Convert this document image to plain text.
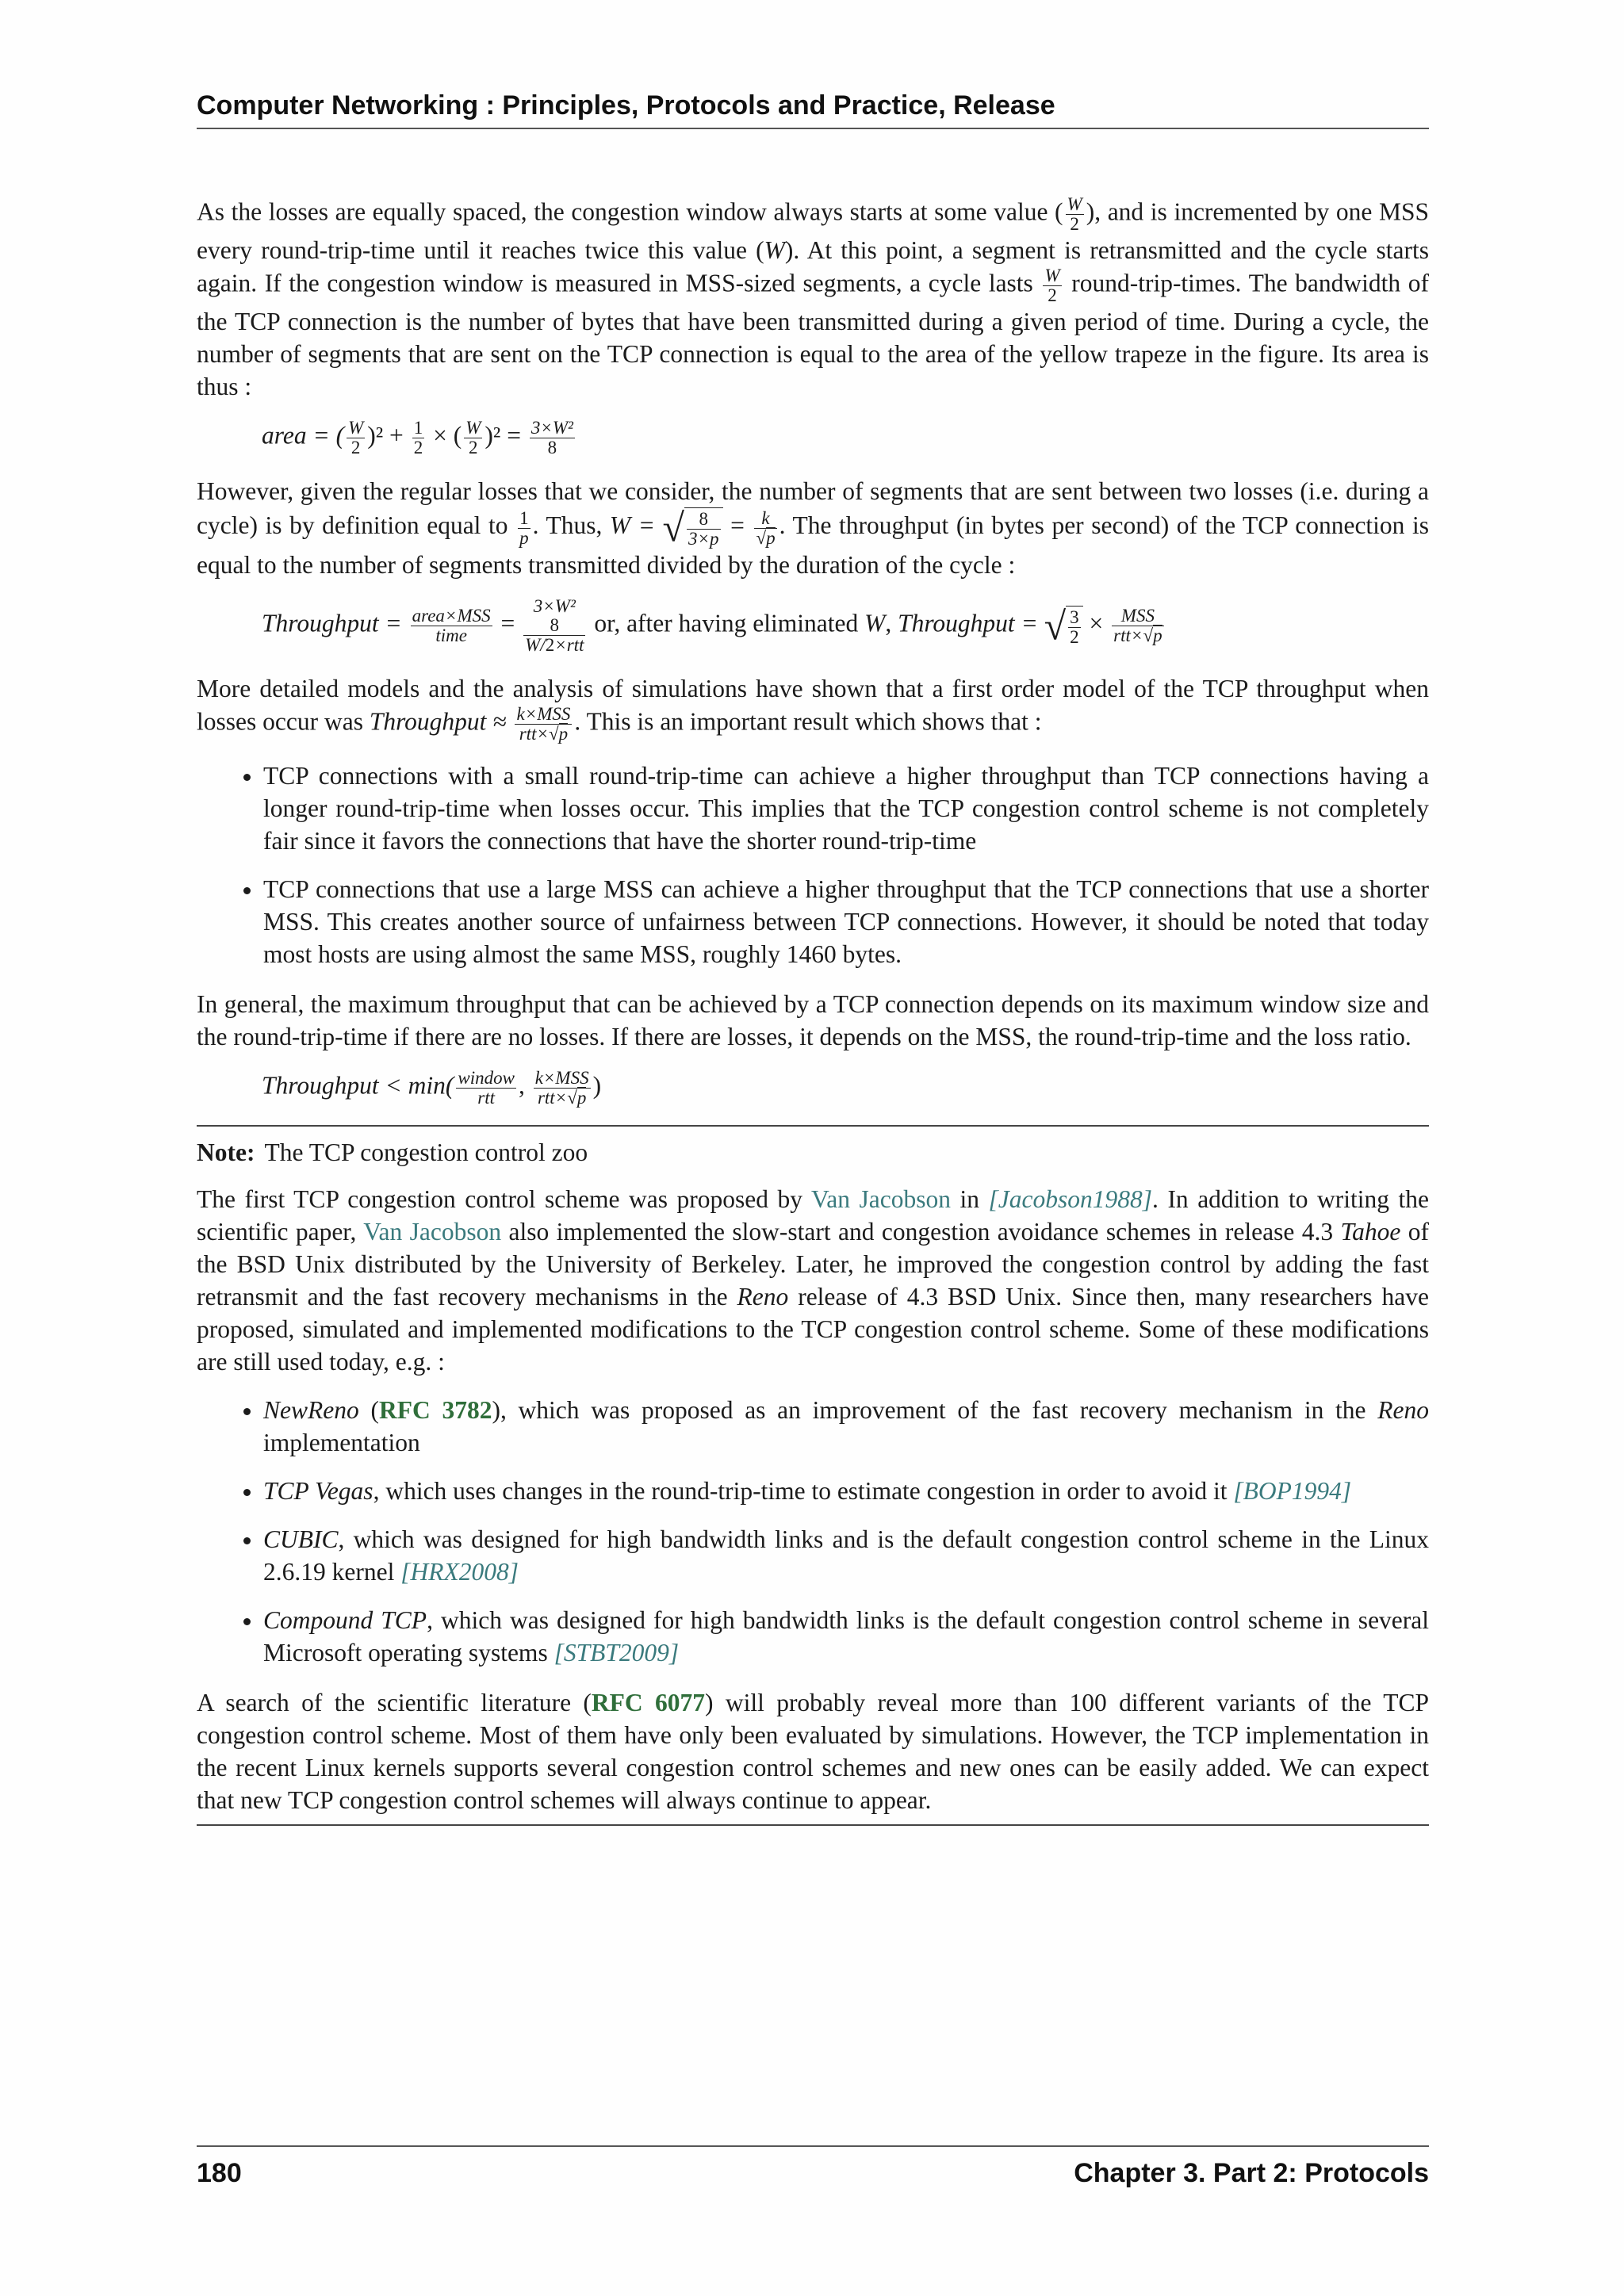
Computer Networking : Principles, Protocols and Practice, Release

As the losses are equally spaced, the congestion window always starts at some value ( $\frac{W}{2}$ ), and is incremented by one MSS every round-trip-time until it reaches twice this value (W). At this point, a segment is retransmitted and the cycle starts again. If the congestion window is measured in MSS-sized segments, a cycle lasts $\frac{W}{2}$ round-trip-times. The bandwidth of the TCP connection is the number of bytes that have been transmitted during a given period of time. During a cycle, the number of segments that are sent on the TCP connection is equal to the area of the yellow trapeze in the figure. Its area is thus :

area = ( $\frac{W}{2} )^2 + \frac{1}{2}$ × ( $\frac{W}{2} )^2 = \frac{\text{3×W²}}{8}$

However, given the regular losses that we consider, the number of segments that are sent between two losses (i.e. during a cycle) is by definition equal to $\frac{1}{p}$ . Thus, W = √ $\frac{8}{3\times p} = \frac{k}{√p}$ . The throughput (in bytes per second) of the TCP connection is equal to the number of segments transmitted divided by the duration of the cycle :

Throughput = $\frac{\text{area×MSS}}{\text{time}}$ =
3×W²
8
W/2×rtt
or, after having eliminated W, Throughput = √ $\frac{3}{2} \times \frac{\text{MSS}}{\text{rtt×√p}}$

More detailed models and the analysis of simulations have shown that a first order model of the TCP throughput when losses occur was Throughput ≈ $\frac{\text{k×MSS}}{\text{rtt×√p}}$ . This is an important result which shows that :

• TCP connections with a small round-trip-time can achieve a higher throughput than TCP connections having a longer round-trip-time when losses occur. This implies that the TCP congestion control scheme is not completely fair since it favors the connections that have the shorter round-trip-time
• TCP connections that use a large MSS can achieve a higher throughput that the TCP connections that use a shorter MSS. This creates another source of unfairness between TCP connections. However, it should be noted that today most hosts are using almost the same MSS, roughly 1460 bytes.

In general, the maximum throughput that can be achieved by a TCP connection depends on its maximum window size and the round-trip-time if there are no losses. If there are losses, it depends on the MSS, the round-trip-time and the loss ratio.

Throughput < $\min( \frac{\text{window}}{\text{rtt}}$ , $\frac{\text{k×MSS}}{\text{rtt×√p}}$ )
Note: The TCP congestion control zoo

The first TCP congestion control scheme was proposed by Van Jacobson in [Jacobson1988]. In addition to writing the scientific paper, Van Jacobson also implemented the slow-start and congestion avoidance schemes in release 4.3 Tahoe of the BSD Unix distributed by the University of Berkeley. Later, he improved the congestion control by adding the fast retransmit and the fast recovery mechanisms in the Reno release of 4.3 BSD Unix. Since then, many researchers have proposed, simulated and implemented modifications to the TCP congestion control scheme. Some of these modifications are still used today, e.g. :

• NewReno (RFC 3782), which was proposed as an improvement of the fast recovery mechanism in the Reno implementation
• TCP Vegas, which uses changes in the round-trip-time to estimate congestion in order to avoid it [BOP1994]
• CUBIC, which was designed for high bandwidth links and is the default congestion control scheme in the Linux 2.6.19 kernel [HRX2008]
• Compound TCP, which was designed for high bandwidth links is the default congestion control scheme in several Microsoft operating systems [STBT2009]

A search of the scientific literature (RFC 6077) will probably reveal more than 100 different variants of the TCP congestion control scheme. Most of them have only been evaluated by simulations. However, the TCP implementation in the recent Linux kernels supports several congestion control schemes and new ones can be easily added. We can expect that new TCP congestion control schemes will always continue to appear.

180	Chapter 3. Part 2: Protocols
